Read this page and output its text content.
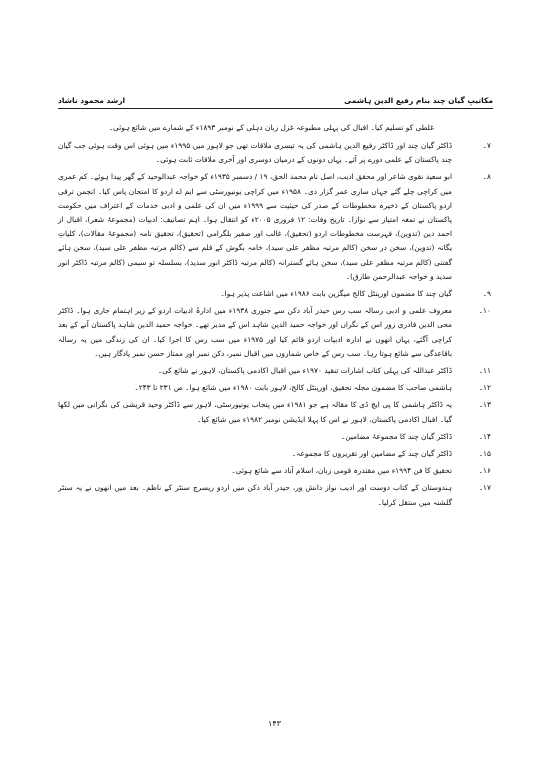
مکاتیبِ گیان چند بنام رفیع الدین ہاشمی
ارشد محمود ناشاد
غلطی کو تسلیم کیا۔ اقبال کی پہلی مطبوعہ غزل زبان دہلی کے نومبر ۱۸۹۳ء کے شمارے میں شائع ہوئی۔
۷۔
ڈاکٹر گیان چند اور ڈاکٹر رفیع الدین ہاشمی کی یہ تیسری ملاقات تھی جو لاہور میں ۱۹۹۵ء میں ہوئی اس وقت ہوئی جب گیان چند پاکستان کے علمی دورے پر آئے۔ یہاں دونوں کے درمیان دوسری اور آخری ملاقات ثابت ہوئی۔
۸۔
ابو سعید نقوی شاعر اور محقق ادیب، اصل نام محمد الحق، ۱۹ / دسمبر ۱۹۳۵ء کو خواجہ عبدالوحید کے گھر پیدا ہوئے۔ کم عمری میں کراچی چلے گئے جہاں ساری عمر گزار دی۔ ۱۹۵۸ء میں کراچی یونیورسٹی سے ایم اے اردو کا امتحان پاس کیا۔ انجمن ترقی اردو پاکستان کے ذخیرہ مخطوطات کے صدر کی حیثیت سے ۱۹۹۹ء میں ان کی علمی و ادبی خدمات کے اعتراف میں حکومت پاکستان نے تمغہ امتیاز سے نوازا۔ تاریخ وفات: ۱۲ فروری ۲۰۰۵ء کو انتقال ہوا۔ اہم تصانیف: ادبیات (مجموعۂ شعر)، اقبال از احمد دین (تدوین)، فہرست مخطوطات اردو (تحقیق)، غالب اور صفیر بلگرامی (تحقیق)، تحقیق نامہ (مجموعۂ مقالات)، کلیاتِ یگانہ (تدوین)، سخن در سخن (کالم مرتبہ مظفر علی سید)، خامہ بگوش کے قلم سے (کالم مرتبہ مظفر علی سید)، سخن ہائے گفتنی (کالم مرتبہ مظفر علی سید)، سخن ہائے گسترانہ (کالم مرتبہ ڈاکٹر انور سدید)، بسلسلہ تو سیمی (کالم مرتبہ ڈاکٹر انور سدید و خواجہ عبدالرحمن طارق)۔
۹۔
گیان چند کا مضمون اورینٹل کالج میگزین بابت ۱۹۸۶ء میں اشاعت پذیر ہوا۔
۱۰۔
معروف علمی و ادبی رسالہ سب رس حیدر آباد دکن سے جنوری ۱۹۳۸ء میں ادارۂ ادبیات اردو کے زیر اہتمام جاری ہوا۔ ڈاکٹر محی الدین قادری زور اس کے نگراں اور خواجہ حمید الدین شاہد اس کے مدیر تھے۔ خواجہ حمید الدین شاہد پاکستان آنے کے بعد کراچی آگئے، یہاں انھوں نے ادارہ ادبیات اردو قائم کیا اور ۱۹۷۵ء میں سب رس کا اجرا کیا۔ ان کی زندگی میں یہ رسالہ باقاعدگی سے شائع ہوتا رہا۔ سب رس کے خاص شماروں میں اقبال نمبر، دکن نمبر اور ممتاز حسن نمبر یادگار ہیں۔
۱۱۔
ڈاکٹر عبداللہ کی پہلی کتاب اشارات تنقید ۱۹۷۰ء میں اقبال اکادمی پاکستان، لاہور نے شائع کی۔
۱۲۔
ہاشمی صاحب کا مضمون مجلہ تحقیق، اورینٹل کالج، لاہور بابت ۱۹۸۰ء میں شائع ہوا۔ ص ۲۳۱ تا ۲۴۳۔
۱۳۔
یہ ڈاکٹر ہاشمی کا پی ایچ ڈی کا مقالہ ہے جو ۱۹۸۱ء میں پنجاب یونیورسٹی، لاہور سے ڈاکٹر وحید قریشی کی نگرانی میں لکھا گیا۔ اقبال اکادمی پاکستان، لاہور نے اس کا پہلا ایڈیشن نومبر ۱۹۸۲ء میں شائع کیا۔
۱۴۔
ڈاکٹر گیان چند کا مجموعۂ مضامین۔
۱۵۔
ڈاکٹر گیان چند کے مضامین اور تقریروں کا مجموعہ۔
۱۶۔
تحقیق کا فن ۱۹۹۴ء میں مقتدرہ قومی زبان، اسلام آباد سے شائع ہوئی۔
۱۷۔
ہندوستان کے کتاب دوست اور ادیب نواز دانش ور، حیدر آباد دکن میں اردو ریسرچ سنٹر کے ناظم۔ بعد میں انھوں نے یہ سنٹر گلشنہ میں منتقل کرلیا۔
۱۴۳
